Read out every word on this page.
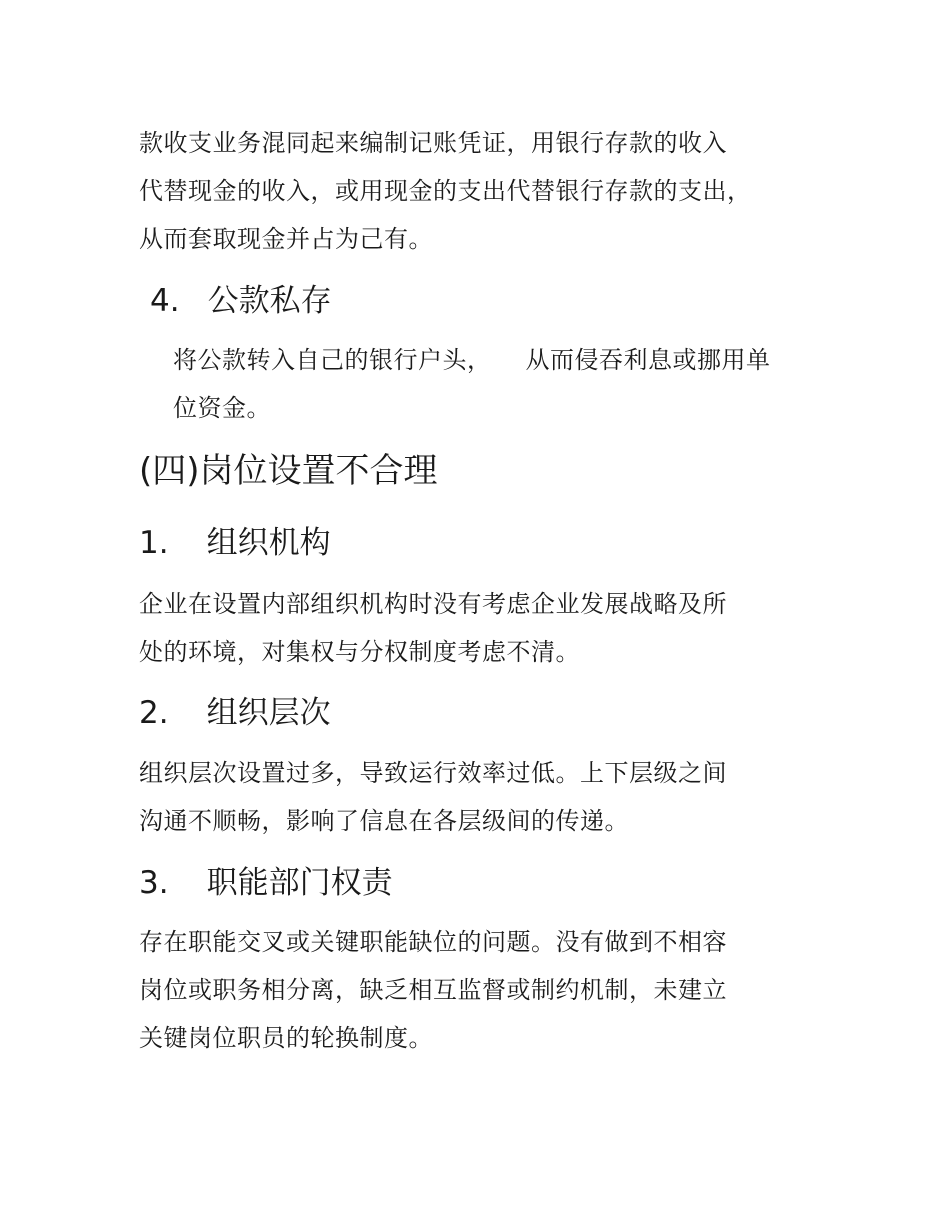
款收支业务混同起来编制记账凭证，用银行存款的收入
代替现金的收入，或用现金的支出代替银行存款的支出，
从而套取现金并占为己有。
4. 公款私存
将公款转入自己的银行户头， 从而侵吞利息或挪用单
位资金。
(四)岗位设置不合理
1. 组织机构
企业在设置内部组织机构时没有考虑企业发展战略及所
处的环境，对集权与分权制度考虑不清。
2. 组织层次
组织层次设置过多，导致运行效率过低。上下层级之间
沟通不顺畅，影响了信息在各层级间的传递。
3. 职能部门权责
存在职能交叉或关键职能缺位的问题。没有做到不相容
岗位或职务相分离，缺乏相互监督或制约机制，未建立
关键岗位职员的轮换制度。
